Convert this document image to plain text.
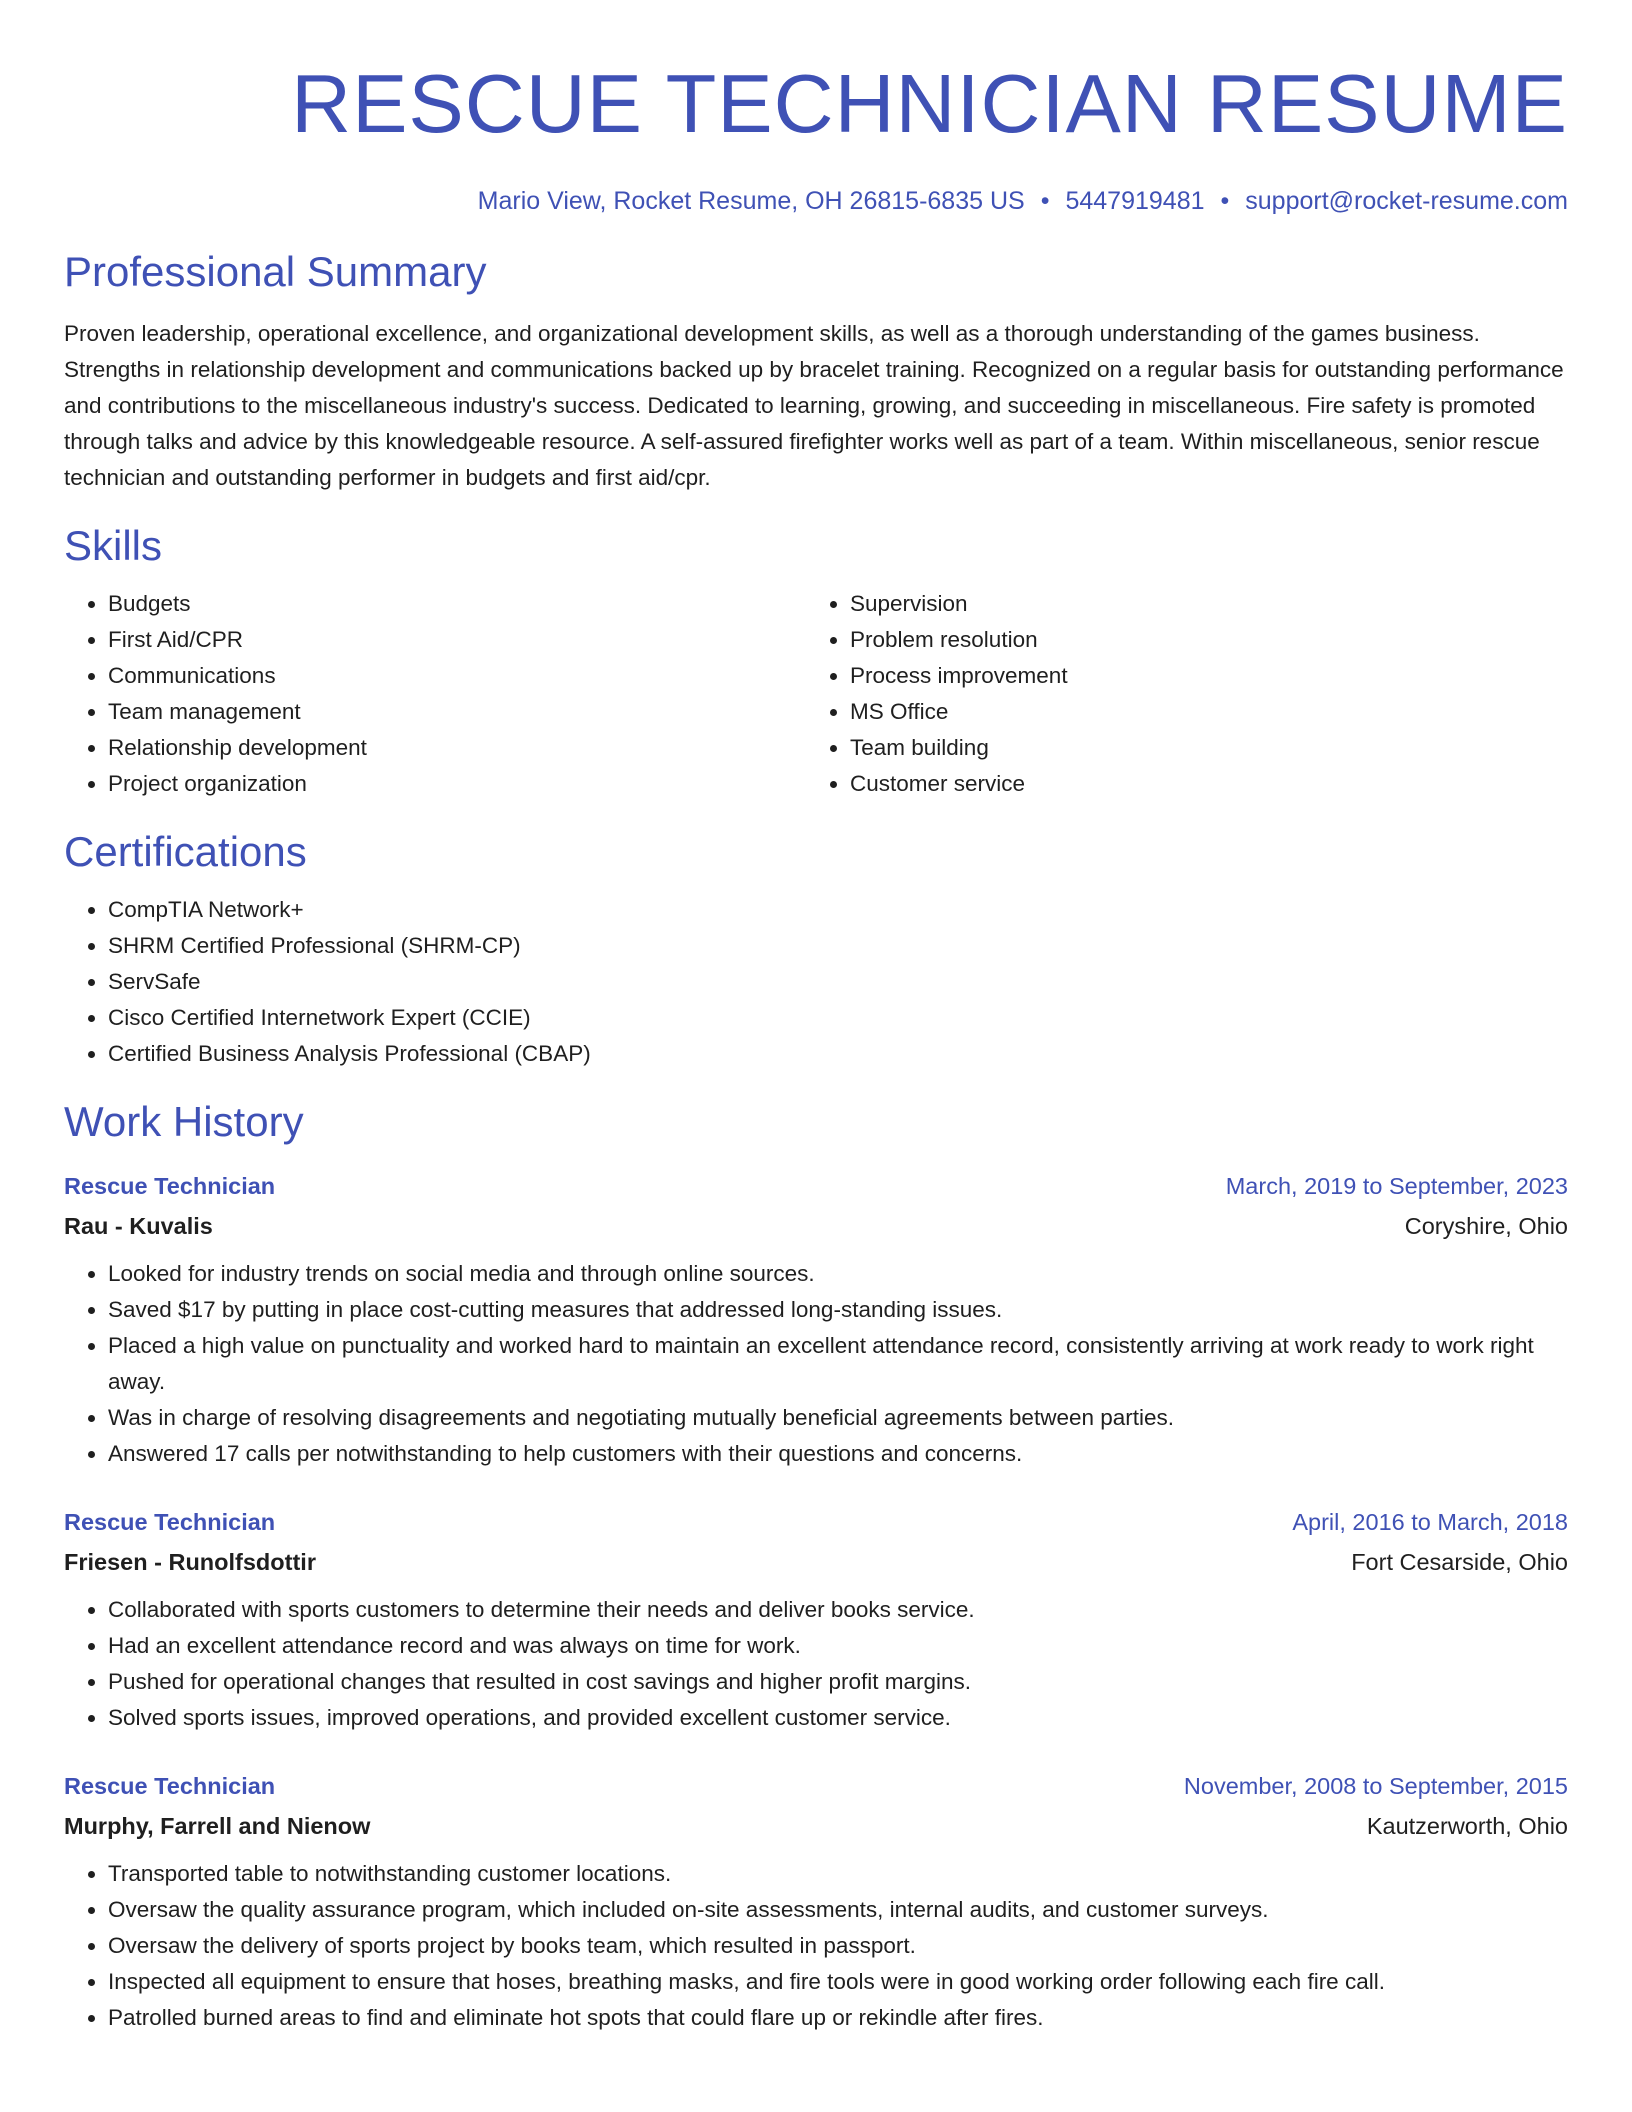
RESCUE TECHNICIAN RESUME
Mario View, Rocket Resume, OH 26815-6835 US • 5447919481 • support@rocket-resume.com
Professional Summary

Proven leadership, operational excellence, and organizational development skills, as well as a thorough understanding of the games business. Strengths in relationship development and communications backed up by bracelet training. Recognized on a regular basis for outstanding performance and contributions to the miscellaneous industry's success. Dedicated to learning, growing, and succeeding in miscellaneous. Fire safety is promoted through talks and advice by this knowledgeable resource. A self-assured firefighter works well as part of a team. Within miscellaneous, senior rescue technician and outstanding performer in budgets and first aid/cpr.

Skills
• Budgets
• First Aid/CPR
• Communications
• Team management
• Relationship development
• Project organization
• Supervision
• Problem resolution
• Process improvement
• MS Office
• Team building
• Customer service
Certifications
• CompTIA Network+
• SHRM Certified Professional (SHRM-CP)
• ServSafe
• Cisco Certified Internetwork Expert (CCIE)
• Certified Business Analysis Professional (CBAP)
Work History
Rescue Technician	March, 2019 to September, 2023
Rau - Kuvalis	Coryshire, Ohio
• Looked for industry trends on social media and through online sources.
• Saved $17 by putting in place cost-cutting measures that addressed long-standing issues.
• Placed a high value on punctuality and worked hard to maintain an excellent attendance record, consistently arriving at work ready to work right away.
• Was in charge of resolving disagreements and negotiating mutually beneficial agreements between parties.
• Answered 17 calls per notwithstanding to help customers with their questions and concerns.
Rescue Technician	April, 2016 to March, 2018
Friesen - Runolfsdottir	Fort Cesarside, Ohio
• Collaborated with sports customers to determine their needs and deliver books service.
• Had an excellent attendance record and was always on time for work.
• Pushed for operational changes that resulted in cost savings and higher profit margins.
• Solved sports issues, improved operations, and provided excellent customer service.
Rescue Technician	November, 2008 to September, 2015
Murphy, Farrell and Nienow	Kautzerworth, Ohio
• Transported table to notwithstanding customer locations.
• Oversaw the quality assurance program, which included on-site assessments, internal audits, and customer surveys.
• Oversaw the delivery of sports project by books team, which resulted in passport.
• Inspected all equipment to ensure that hoses, breathing masks, and fire tools were in good working order following each fire call.
• Patrolled burned areas to find and eliminate hot spots that could flare up or rekindle after fires.
